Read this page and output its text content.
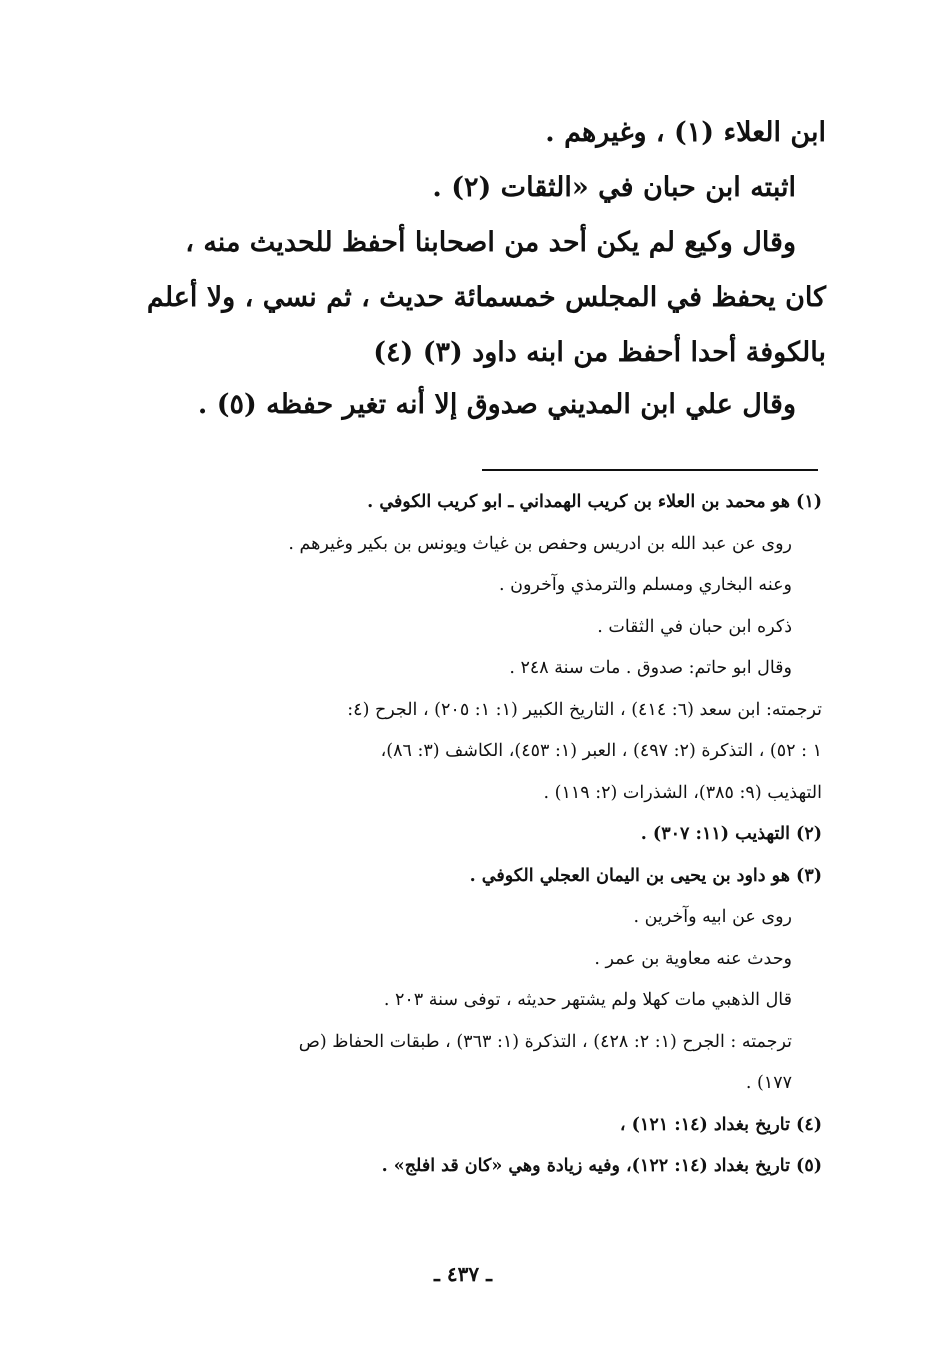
ابن العلاء (١) ، وغيرهم .
اثبته ابن حبان في «الثقات (٢) .
وقال وكيع لم يكن أحد من اصحابنا أحفظ للحديث منه ،
كان يحفظ في المجلس خمسمائة حديث ، ثم نسي ، ولا أعلم
بالكوفة أحدا أحفظ من ابنه داود (٣) (٤)
وقال علي ابن المديني صدوق إلا أنه تغير حفظه (٥) .
(١) هو محمد بن العلاء بن كريب الهمداني ـ ابو كريب الكوفي .
روى عن عبد الله بن ادريس وحفص بن غياث ويونس بن بكير وغيرهم .
وعنه البخاري ومسلم والترمذي وآخرون .
ذكره ابن حبان في الثقات .
وقال ابو حاتم: صدوق . مات سنة ٢٤٨ .
ترجمته: ابن سعد (٦: ٤١٤) ، التاريخ الكبير (١: ١: ٢٠٥) ، الجرح (٤:
١ : ٥٢) ، التذكرة (٢: ٤٩٧) ، العبر (١: ٤٥٣)، الكاشف (٣: ٨٦)،
التهذيب (٩: ٣٨٥)، الشذرات (٢: ١١٩) .
(٢) التهذيب (١١: ٣٠٧) .
(٣) هو داود بن يحيى بن اليمان العجلي الكوفي .
روى عن ابيه وآخرين .
وحدث عنه معاوية بن عمر .
قال الذهبي مات كهلا ولم يشتهر حديثه ، توفى سنة ٢٠٣ .
ترجمته : الجرح (١: ٢: ٤٢٨) ، التذكرة (١: ٣٦٣) ، طبقات الحفاظ (ص
١٧٧) .
(٤) تاريخ بغداد (١٤: ١٢١) ،
(٥) تاريخ بغداد (١٤: ١٢٢)، وفيه زيادة وهي «كان قد افلج» .
ـ ٤٣٧ ـ
